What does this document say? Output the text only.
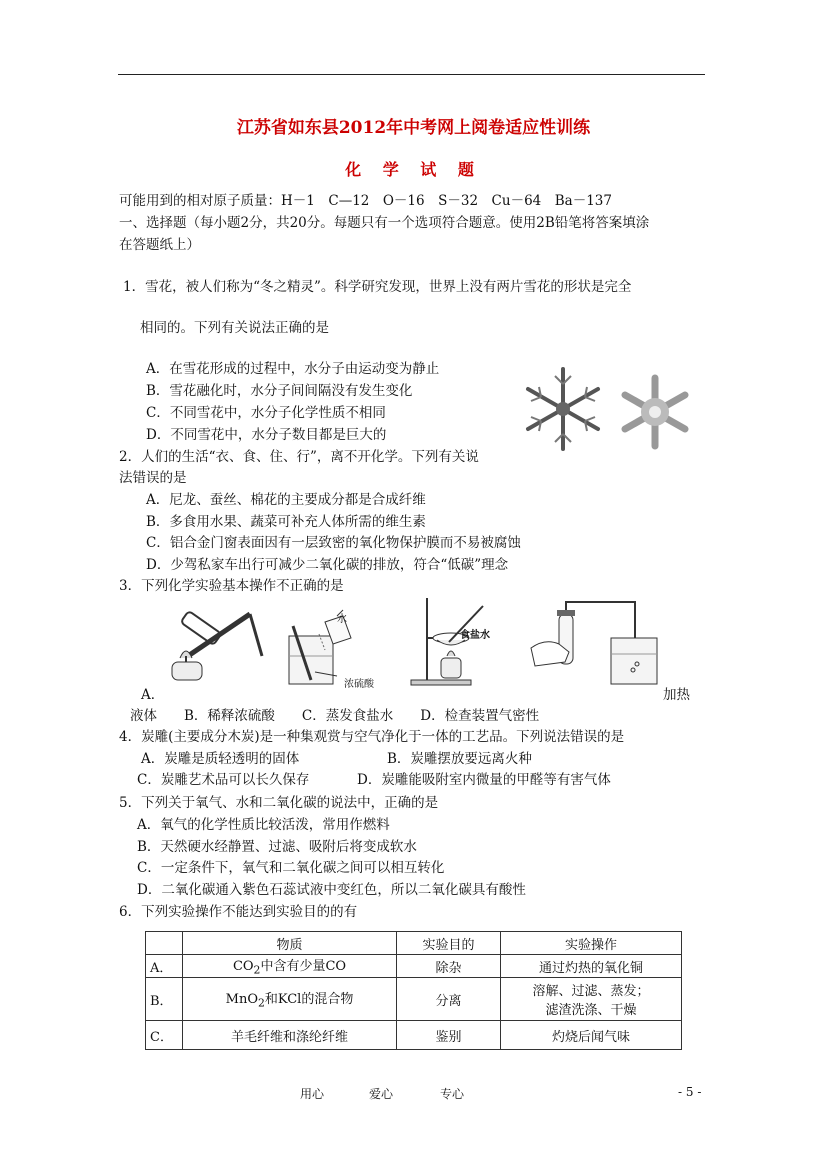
江苏省如东县2012年中考网上阅卷适应性训练
化 学 试 题
可能用到的相对原子质量：H－1　C—12　O－16　S－32　Cu－64　Ba－137
一、选择题（每小题2分，共20分。每题只有一个选项符合题意。使用2B铅笔将答案填涂
在答题纸上）
1．雪花，被人们称为“冬之精灵”。科学研究发现，世界上没有两片雪花的形状是完全
相同的。下列有关说法正确的是
A．在雪花形成的过程中，水分子由运动变为静止
B．雪花融化时，水分子间间隔没有发生变化
C．不同雪花中，水分子化学性质不相同
D．不同雪花中，水分子数目都是巨大的
2．人们的生活“衣、食、住、行”，离不开化学。下列有关说
法错误的是
A．尼龙、蚕丝、棉花的主要成分都是合成纤维
B．多食用水果、蔬菜可补充人体所需的维生素
C．铝合金门窗表面因有一层致密的氧化物保护膜而不易被腐蚀
D．少驾私家车出行可减少二氧化碳的排放，符合“低碳”理念
3．下列化学实验基本操作不正确的是
水
浓硫酸
食盐水
A．	加热
液体　　B．稀释浓硫酸　　C．蒸发食盐水　　D．检查装置气密性
4．炭雕(主要成分木炭)是一种集观赏与空气净化于一体的工艺品。下列说法错误的是
A．炭雕是质轻透明的固体	B．炭雕摆放要远离火种
C．炭雕艺术品可以长久保存	D．炭雕能吸附室内微量的甲醛等有害气体
5．下列关于氧气、水和二氧化碳的说法中，正确的是
A．氧气的化学性质比较活泼，常用作燃料
B．天然硬水经静置、过滤、吸附后将变成软水
C．一定条件下，氧气和二氧化碳之间可以相互转化
D．二氧化碳通入紫色石蕊试液中变红色，所以二氧化碳具有酸性
6．下列实验操作不能达到实验目的的有
	物质	实验目的	实验操作
A．	$CO_2$中含有少量CO	除杂	通过灼热的氧化铜
B．	MnO$_2$和KCl的混合物	分离	溶解、过滤、蒸发；
滤渣洗涤、干燥

C．	羊毛纤维和涤纶纤维	鉴别	灼烧后闻气味
用心	爱心	专心	- 5 -
